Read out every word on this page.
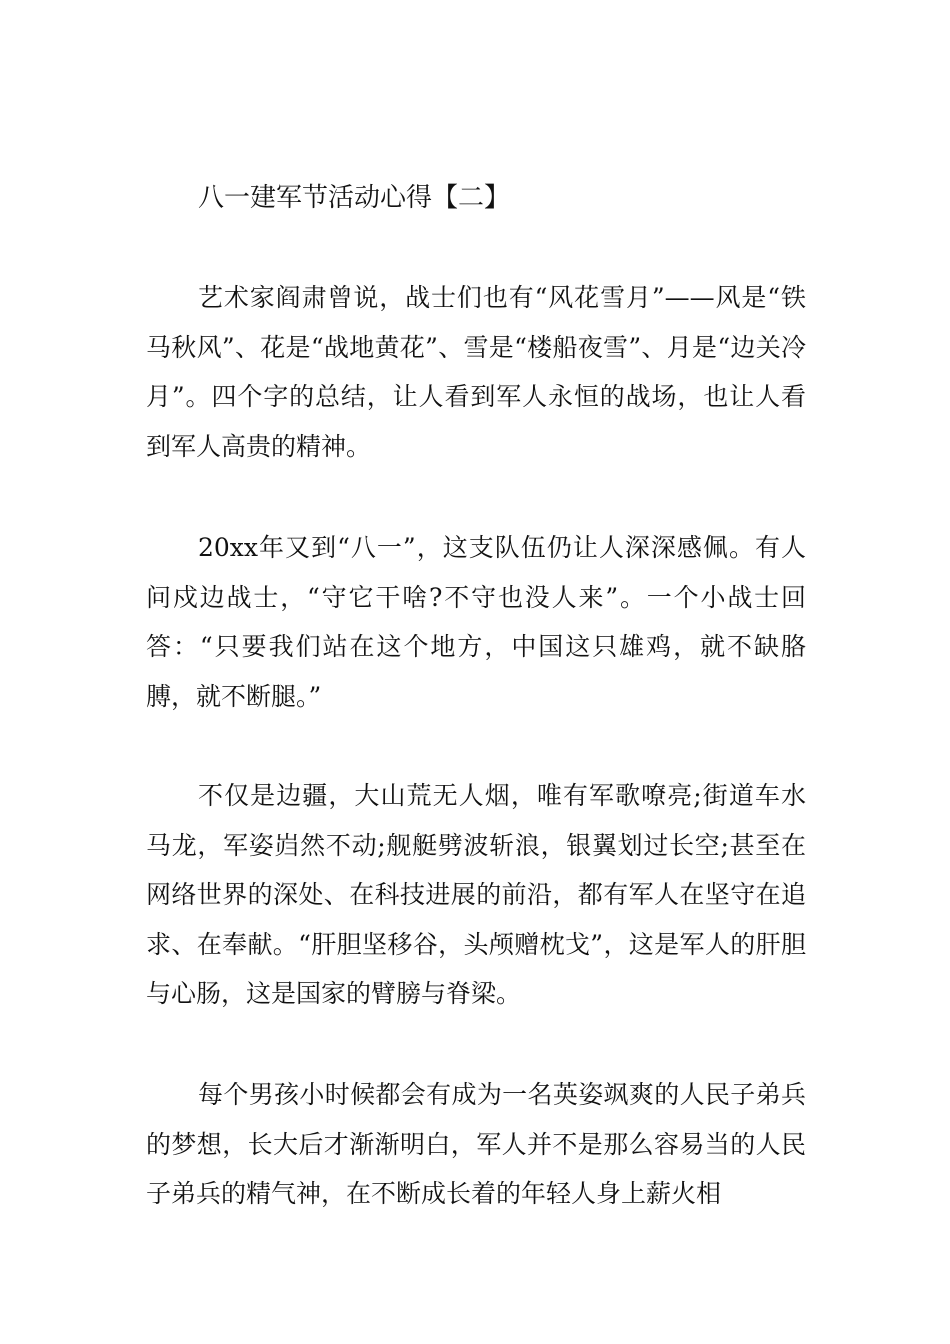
八一建军节活动心得【二】

艺术家阎肃曾说，战士们也有“风花雪月”——风是“铁马秋风”、花是“战地黄花”、雪是“楼船夜雪”、月是“边关冷月”。四个字的总结，让人看到军人永恒的战场，也让人看到军人高贵的精神。

20xx年又到“八一”，这支队伍仍让人深深感佩。有人问戍边战士，“守它干啥?不守也没人来”。一个小战士回答：“只要我们站在这个地方，中国这只雄鸡，就不缺胳膊，就不断腿。”

不仅是边疆，大山荒无人烟，唯有军歌嘹亮;街道车水马龙，军姿岿然不动;舰艇劈波斩浪，银翼划过长空;甚至在网络世界的深处、在科技进展的前沿，都有军人在坚守在追求、在奉献。“肝胆坚移谷，头颅赠枕戈”，这是军人的肝胆与心肠，这是国家的臂膀与脊梁。

每个男孩小时候都会有成为一名英姿飒爽的人民子弟兵的梦想，长大后才渐渐明白，军人并不是那么容易当的人民子弟兵的精气神，在不断成长着的年轻人身上薪火相
